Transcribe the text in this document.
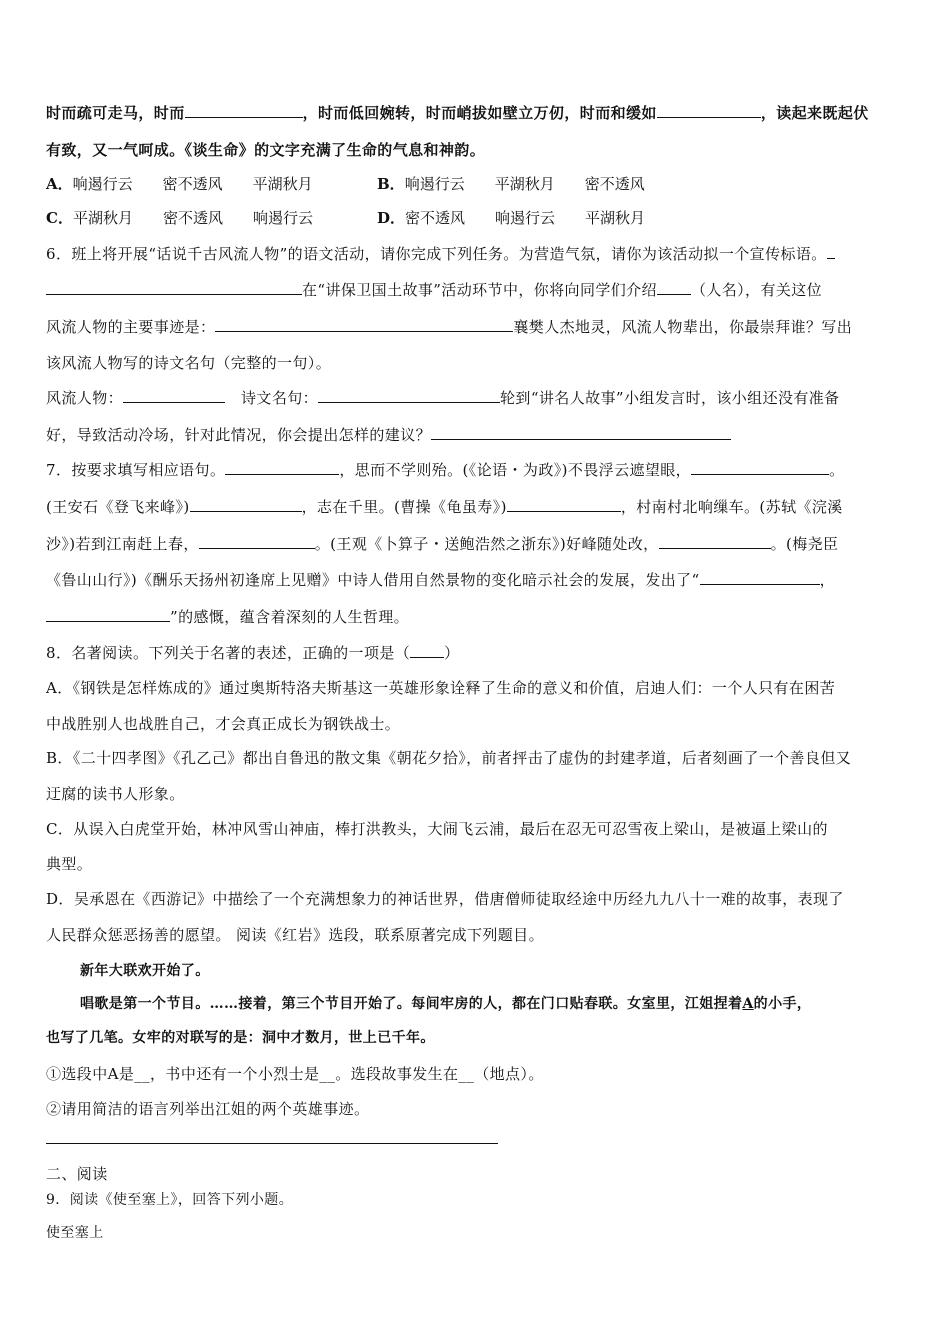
时而疏可走马，时而	，时而低回婉转，时而峭拔如壁立万仞，时而和缓如	，读起来既起伏
有致，又一气呵成。《谈生命》的文字充满了生命的气息和神韵。
A．响遏行云　　密不透风　　平湖秋月	B．响遏行云　　平湖秋月　　密不透风
C．平湖秋月　　密不透风　　响遏行云	D．密不透风　　响遏行云　　平湖秋月
6．班上将开展“话说千古风流人物”的语文活动，请你完成下列任务。为营造气氛，请你为该活动拟一个宣传标语。
在“讲保卫国土故事”活动环节中，你将向同学们介绍 （人名），有关这位
风流人物的主要事迹是：	襄樊人杰地灵，风流人物辈出，你最崇拜谁？写出
该风流人物写的诗文名句（完整的一句）。
风流人物：	诗文名句：	轮到“讲名人故事”小组发言时，该小组还没有准备
好，导致活动冷场，针对此情况，你会提出怎样的建议？
7．按要求填写相应语句。	，思而不学则殆。(《论语・为政》)不畏浮云遮望眼，	。
(王安石《登飞来峰》)	，志在千里。(曹操《龟虽寿》)	，村南村北响缫车。(苏轼《浣溪
沙》)若到江南赶上春，	。(王观《卜算子・送鲍浩然之浙东》)好峰随处改，	。(梅尧臣
《鲁山山行》)《酬乐天扬州初逢席上见赠》中诗人借用自然景物的变化暗示社会的发展，发出了“	，
”的感慨，蕴含着深刻的人生哲理。
8．名著阅读。下列关于名著的表述，正确的一项是（ ）
A．《钢铁是怎样炼成的》通过奥斯特洛夫斯基这一英雄形象诠释了生命的意义和价值，启迪人们：一个人只有在困苦
中战胜别人也战胜自己，才会真正成长为钢铁战士。
B．《二十四孝图》《孔乙己》都出自鲁迅的散文集《朝花夕拾》，前者抨击了虚伪的封建孝道，后者刻画了一个善良但又
迂腐的读书人形象。
C．从误入白虎堂开始，林冲风雪山神庙，棒打洪教头，大闹飞云浦，最后在忍无可忍雪夜上梁山，是被逼上梁山的
典型。
D．吴承恩在《西游记》中描绘了一个充满想象力的神话世界，借唐僧师徒取经途中历经九九八十一难的故事，表现了
人民群众惩恶扬善的愿望。 阅读《红岩》选段，联系原著完成下列题目。
新年大联欢开始了。
唱歌是第一个节目。……接着，第三个节目开始了。每间牢房的人，都在门口贴春联。女室里，江姐捏着A的小手，
也写了几笔。女牢的对联写的是：洞中才数月，世上已千年。
①选段中A是__，书中还有一个小烈士是__。选段故事发生在__（地点）。
②请用简洁的语言列举出江姐的两个英雄事迹。
二、阅读
9．阅读《使至塞上》，回答下列小题。
使至塞上
